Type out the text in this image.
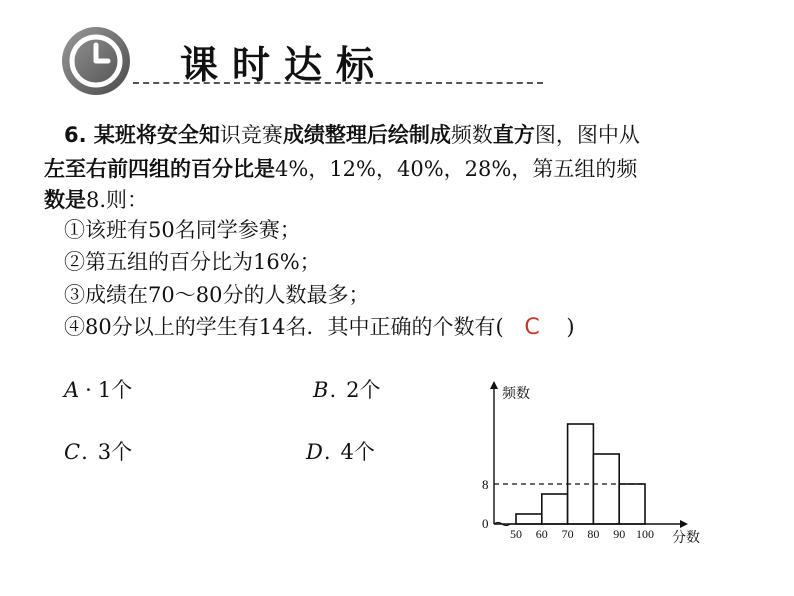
课时达标
6. 某班将安全知识竞赛成绩整理后绘制成频数直方图，图中从
左至右前四组的百分比是4%，12%，40%，28%，第五组的频
数是8.则：
①该班有50名同学参赛；
②第五组的百分比为16%；
③成绩在70～80分的人数最多；
④80分以上的学生有14名．其中正确的个数有( C )
A · 1个	B. 2个
C. 3个	D. 4个
0
8
50 60 70 80 90 100
频数
分数
